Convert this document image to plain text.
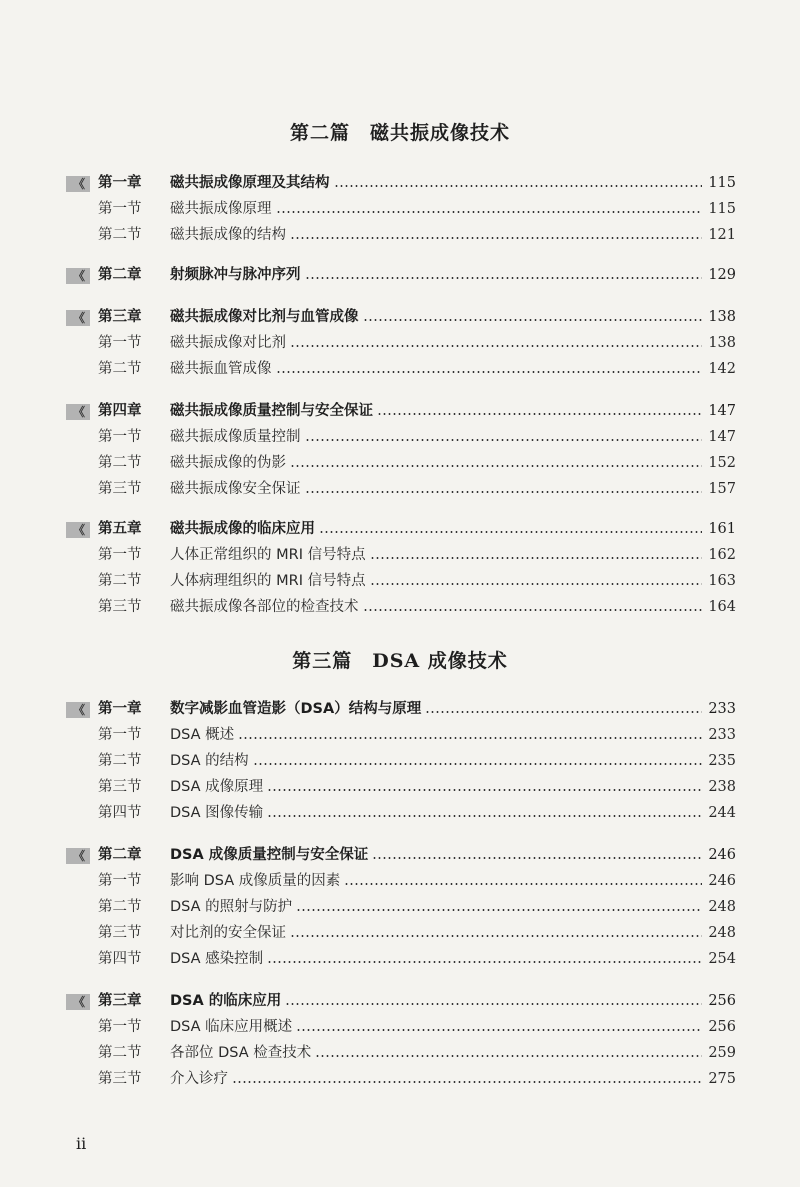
第二篇　磁共振成像技术
《	第一章	磁共振成像原理及其结构	115
第一节	磁共振成像原理	115
第二节	磁共振成像的结构	121
《	第二章	射频脉冲与脉冲序列	129
《	第三章	磁共振成像对比剂与血管成像	138
第一节	磁共振成像对比剂	138
第二节	磁共振血管成像	142
《	第四章	磁共振成像质量控制与安全保证	147
第一节	磁共振成像质量控制	147
第二节	磁共振成像的伪影	152
第三节	磁共振成像安全保证	157
《	第五章	磁共振成像的临床应用	161
第一节	人体正常组织的 MRI 信号特点	162
第二节	人体病理组织的 MRI 信号特点	163
第三节	磁共振成像各部位的检查技术	164
第三篇　DSA 成像技术
《	第一章	数字减影血管造影（DSA）结构与原理	233
第一节	DSA 概述	233
第二节	DSA 的结构	235
第三节	DSA 成像原理	238
第四节	DSA 图像传输	244
《	第二章	DSA 成像质量控制与安全保证	246
第一节	影响 DSA 成像质量的因素	246
第二节	DSA 的照射与防护	248
第三节	对比剂的安全保证	248
第四节	DSA 感染控制	254
《	第三章	DSA 的临床应用	256
第一节	DSA 临床应用概述	256
第二节	各部位 DSA 检查技术	259
第三节	介入诊疗	275
ii
